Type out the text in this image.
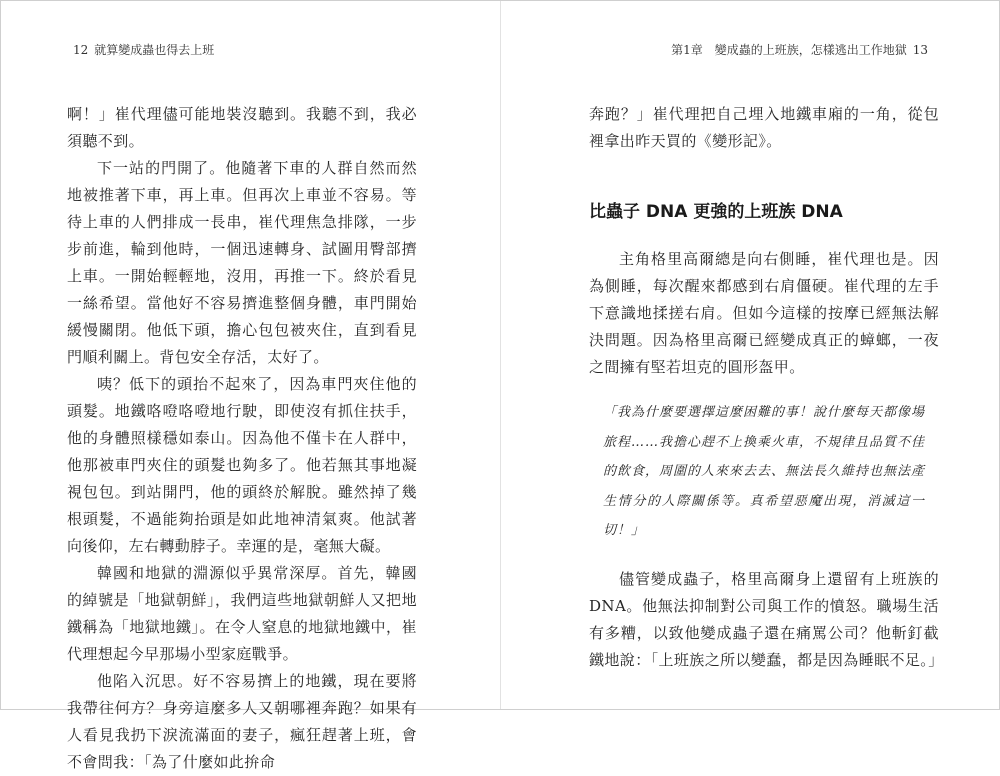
12 就算變成蟲也得去上班

啊！」崔代理儘可能地裝沒聽到。我聽不到，我必須聽不到。

下一站的門開了。他隨著下車的人群自然而然地被推著下車，再上車。但再次上車並不容易。等待上車的人們排成一長串，崔代理焦急排隊，一步步前進，輪到他時，一個迅速轉身、試圖用臀部擠上車。一開始輕輕地，沒用，再推一下。終於看見一絲希望。當他好不容易擠進整個身體，車門開始緩慢關閉。他低下頭，擔心包包被夾住，直到看見門順利關上。背包安全存活，太好了。

咦？低下的頭抬不起來了，因為車門夾住他的頭髮。地鐵咯噔咯噔地行駛，即使沒有抓住扶手，他的身體照樣穩如泰山。因為他不僅卡在人群中，他那被車門夾住的頭髮也夠多了。他若無其事地凝視包包。到站開門，他的頭終於解脫。雖然掉了幾根頭髮，不過能夠抬頭是如此地神清氣爽。他試著向後仰，左右轉動脖子。幸運的是，毫無大礙。

韓國和地獄的淵源似乎異常深厚。首先，韓國的綽號是「地獄朝鮮」，我們這些地獄朝鮮人又把地鐵稱為「地獄地鐵」。在令人窒息的地獄地鐵中，崔代理想起今早那場小型家庭戰爭。

他陷入沉思。好不容易擠上的地鐵，現在要將我帶往何方？身旁這麼多人又朝哪裡奔跑？如果有人看見我扔下淚流滿面的妻子，瘋狂趕著上班，會不會問我：「為了什麼如此拚命

第1章　變成蟲的上班族，怎樣逃出工作地獄 13

奔跑？」崔代理把自己埋入地鐵車廂的一角，從包裡拿出昨天買的《變形記》。

比蟲子 DNA 更強的上班族 DNA

主角格里高爾總是向右側睡，崔代理也是。因為側睡，每次醒來都感到右肩僵硬。崔代理的左手下意識地揉搓右肩。但如今這樣的按摩已經無法解決問題。因為格里高爾已經變成真正的蟑螂，一夜之間擁有堅若坦克的圓形盔甲。

「我為什麼要選擇這麼困難的事！說什麼每天都像場旅程……我擔心趕不上換乘火車，不規律且品質不佳的飲食，周圍的人來來去去、無法長久維持也無法產生情分的人際關係等。真希望惡魔出現，消滅這一切！」

儘管變成蟲子，格里高爾身上還留有上班族的 DNA。他無法抑制對公司與工作的憤怒。職場生活有多糟，以致他變成蟲子還在痛罵公司？他斬釘截鐵地說：「上班族之所以變蠢，都是因為睡眠不足。」
